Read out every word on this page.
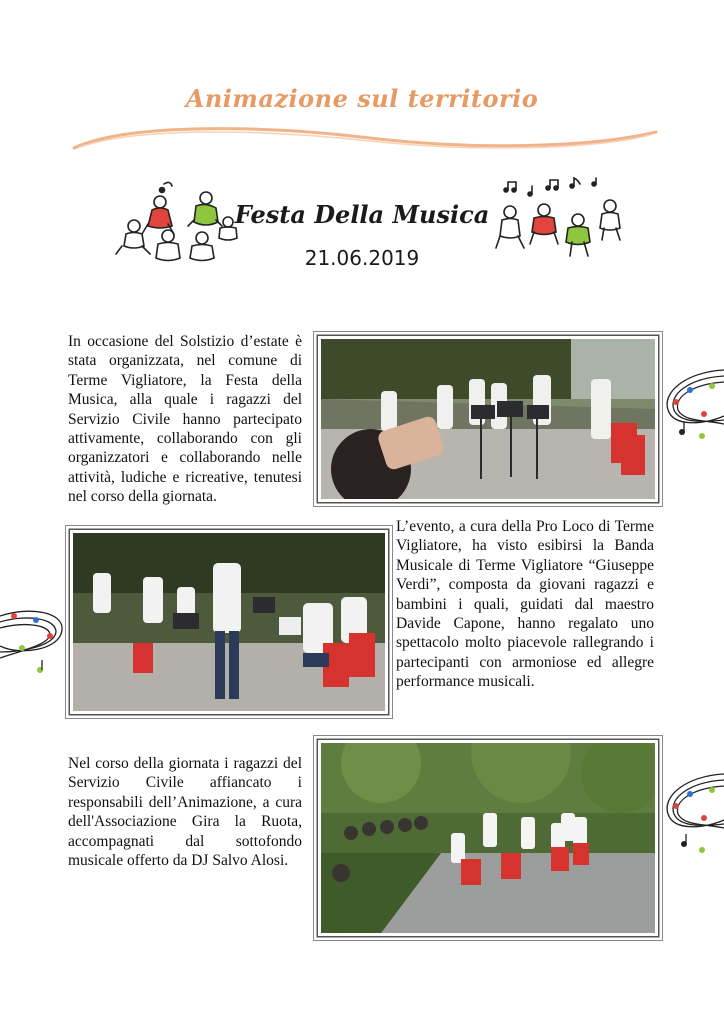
Animazione sul territorio
Festa Della Musica
21.06.2019

In occasione del Solstizio d’estate è stata organizzata, nel comune di Terme Vigliatore, la Festa della Musica, alla quale i ragazzi del Servizio Civile hanno partecipato attivamente, collaborando con gli organizzatori e collaborando nelle attività, ludiche e ricreative, tenutesi nel corso della giornata.

L’evento, a cura della Pro Loco di Terme Vigliatore, ha visto esibirsi la Banda Musicale di Terme Vigliatore “Giuseppe Verdi”, composta da giovani ragazzi e bambini i quali, guidati dal maestro Davide Capone, hanno regalato uno spettacolo molto piacevole rallegrando i partecipanti con armoniose ed allegre performance musicali.

Nel corso della giornata i ragazzi del Servizio Civile affiancato i responsabili dell’Animazione, a cura dell'Associazione Gira la Ruota, accompagnati dal sottofondo musicale offerto da DJ Salvo Alosi.
